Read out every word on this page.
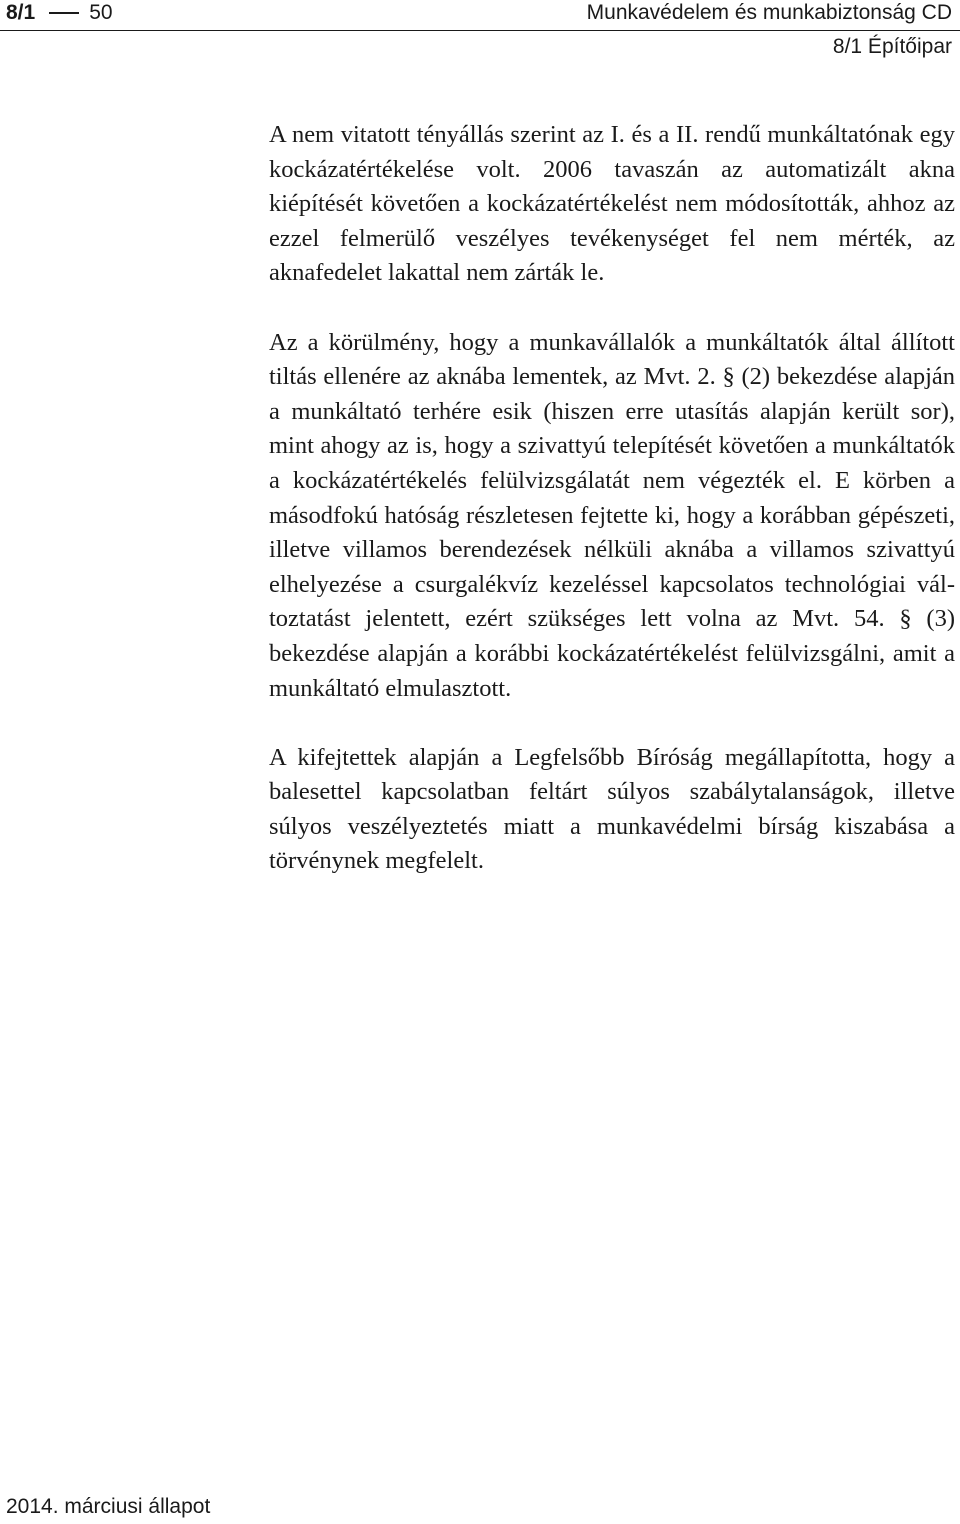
8/1	50	Munkavédelem és munkabiztonság CD
8/1 Építőipar

A nem vitatott tényállás szerint az I. és a II. rendű munkáltatónak egy kockázatértékelése volt. 2006 tavaszán az automatizált akna kiépítését követően a kockázatértékelést nem módosították, ahhoz az ezzel felmerülő veszélyes tevékenységet fel nem mérték, az aknafedelet lakattal nem zárták le.

Az a körülmény, hogy a munkavállalók a munkáltatók által állított tiltás ellenére az aknába lementek, az Mvt. 2. § (2) bekezdése alapján a munkáltató terhére esik (hiszen erre utasítás alapján került sor), mint ahogy az is, hogy a szivattyú telepítését követően a munkáltatók a kockázatértékelés felülvizsgálatát nem végezték el. E körben a másodfokú hatóság részletesen fejtette ki, hogy a korábban gépészeti, illetve villamos berendezések nélküli aknába a villamos szivattyú elhelyezése a csurgalékvíz kezeléssel kapcsolatos technológiai változtatást jelentett, ezért szükséges lett volna az Mvt. 54. § (3) bekezdése alapján a korábbi kockázatértékelést felülvizsgálni, amit a munkáltató elmulasztott.

A kifejtettek alapján a Legfelsőbb Bíróság megállapította, hogy a balesettel kapcsolatban feltárt súlyos szabálytalanságok, illetve súlyos veszélyeztetés miatt a munkavédelmi bírság kiszabása a törvénynek megfelelt.

2014. márciusi állapot
